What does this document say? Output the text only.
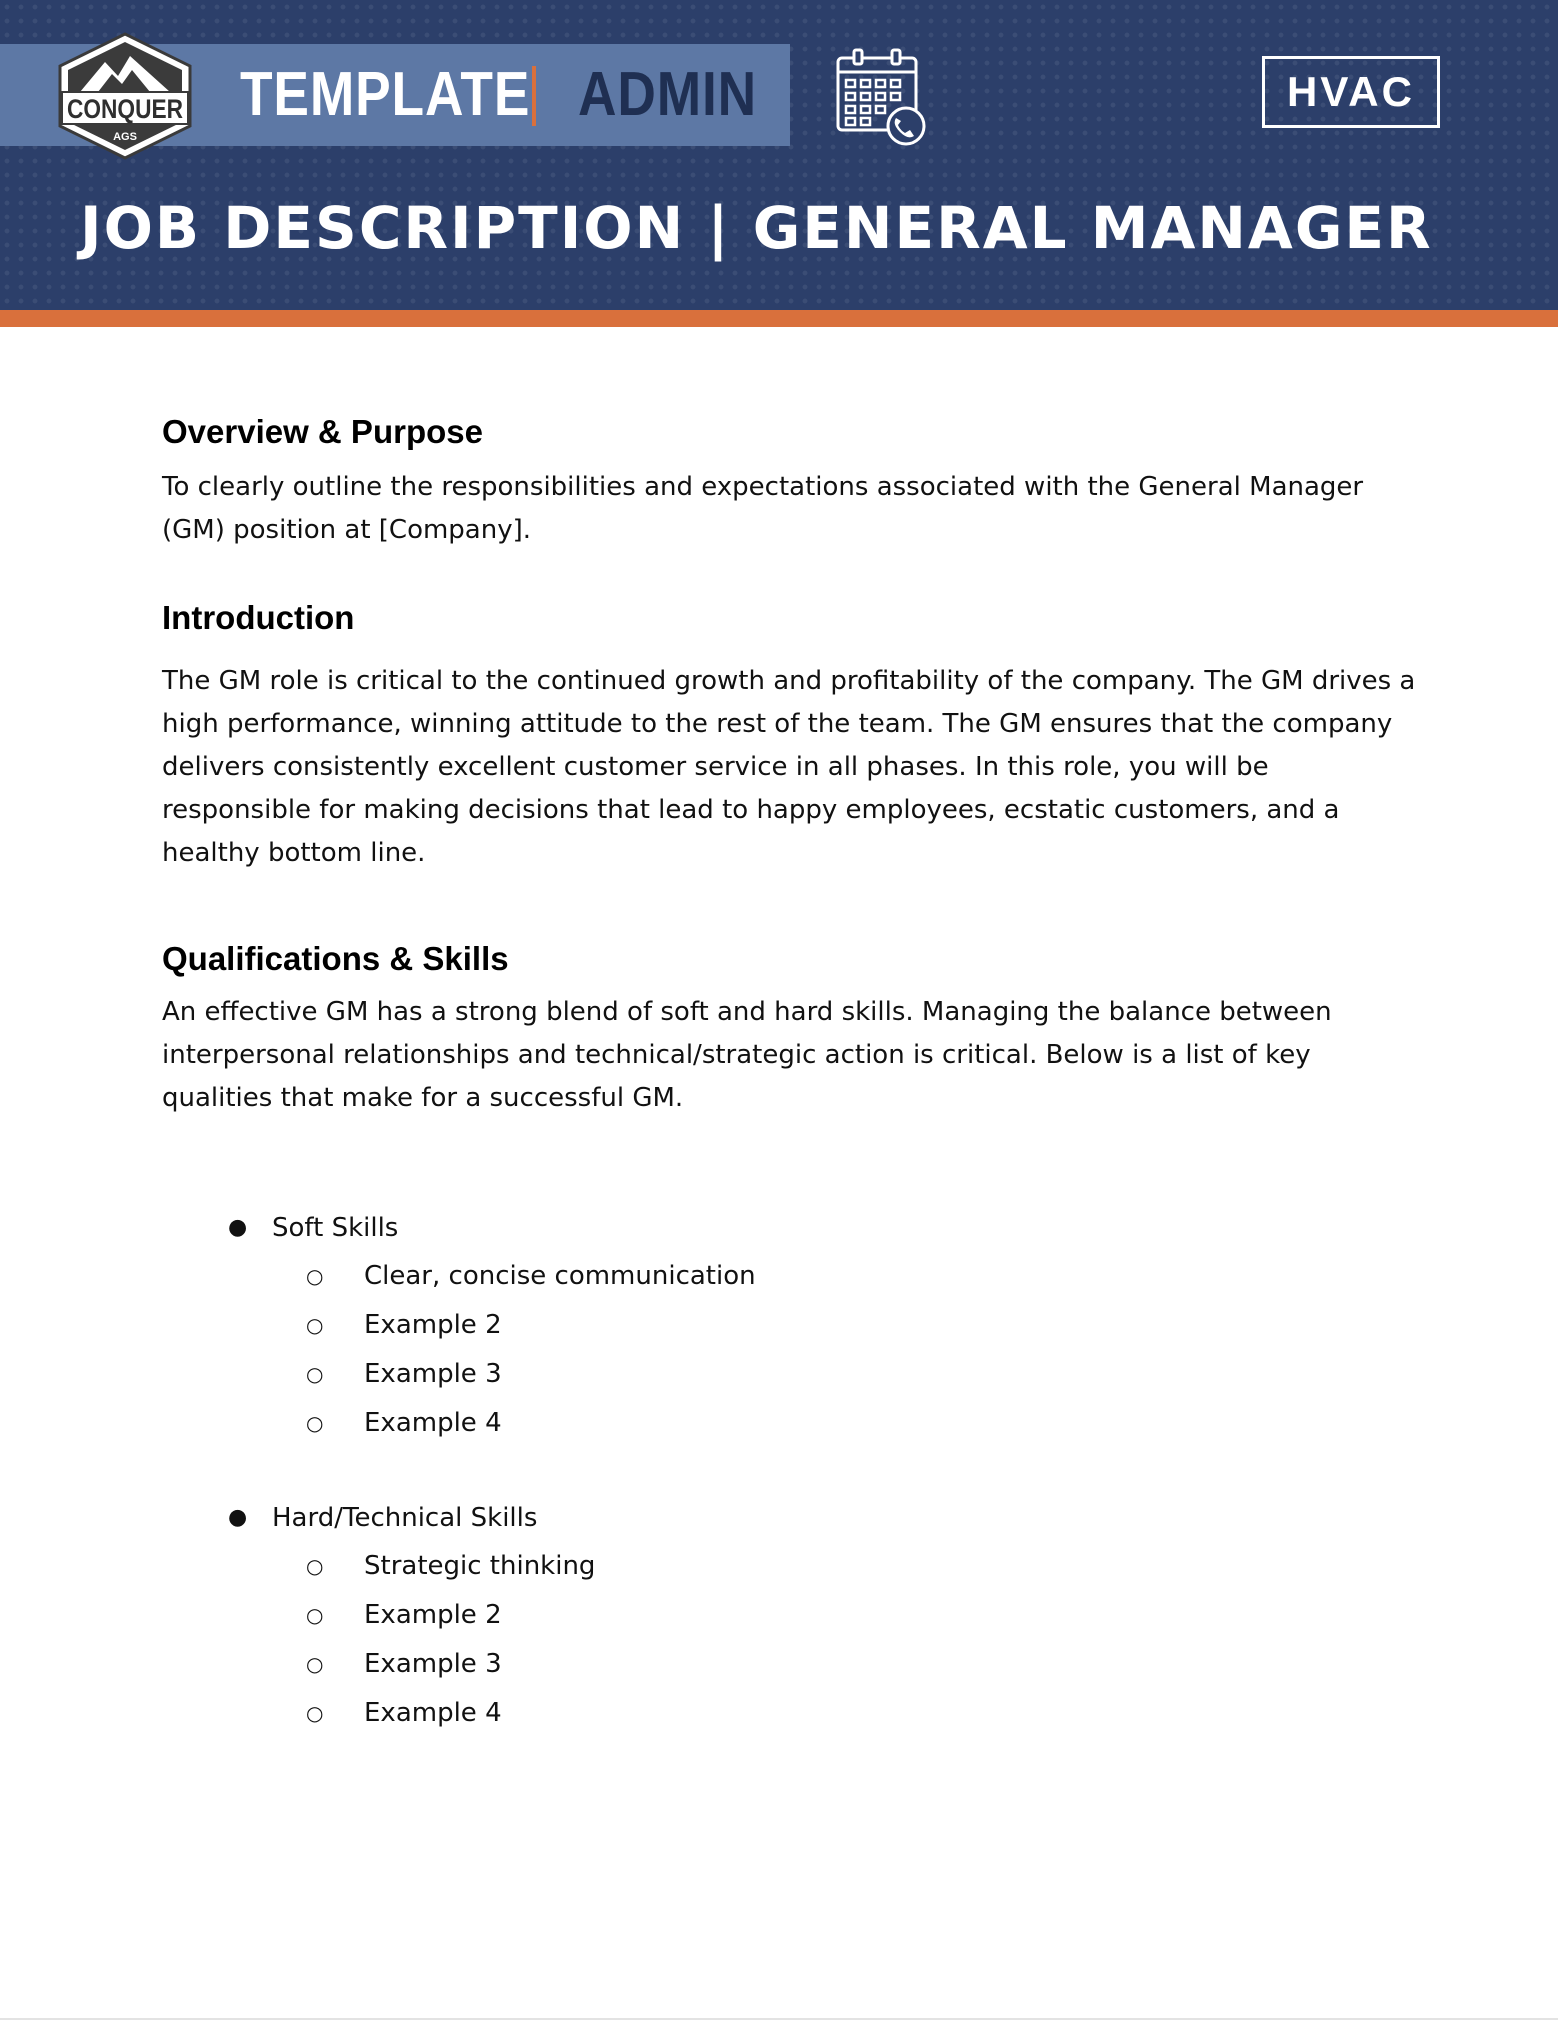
CONQUER
AGS
TEMPLATE ADMIN	HVAC
JOB DESCRIPTION | GENERAL MANAGER
Overview & Purpose

To clearly outline the responsibilities and expectations associated with the General Manager (GM) position at [Company].

Introduction

The GM role is critical to the continued growth and profitability of the company. The GM drives a high performance, winning attitude to the rest of the team. The GM ensures that the company delivers consistently excellent customer service in all phases. In this role, you will be responsible for making decisions that lead to happy employees, ecstatic customers, and a healthy bottom line.

Qualifications & Skills

An effective GM has a strong blend of soft and hard skills. Managing the balance between interpersonal relationships and technical/strategic action is critical. Below is a list of key qualities that make for a successful GM.

● Soft Skills
○ Clear, concise communication
○ Example 2
○ Example 3
○ Example 4
● Hard/Technical Skills
○ Strategic thinking
○ Example 2
○ Example 3
○ Example 4
